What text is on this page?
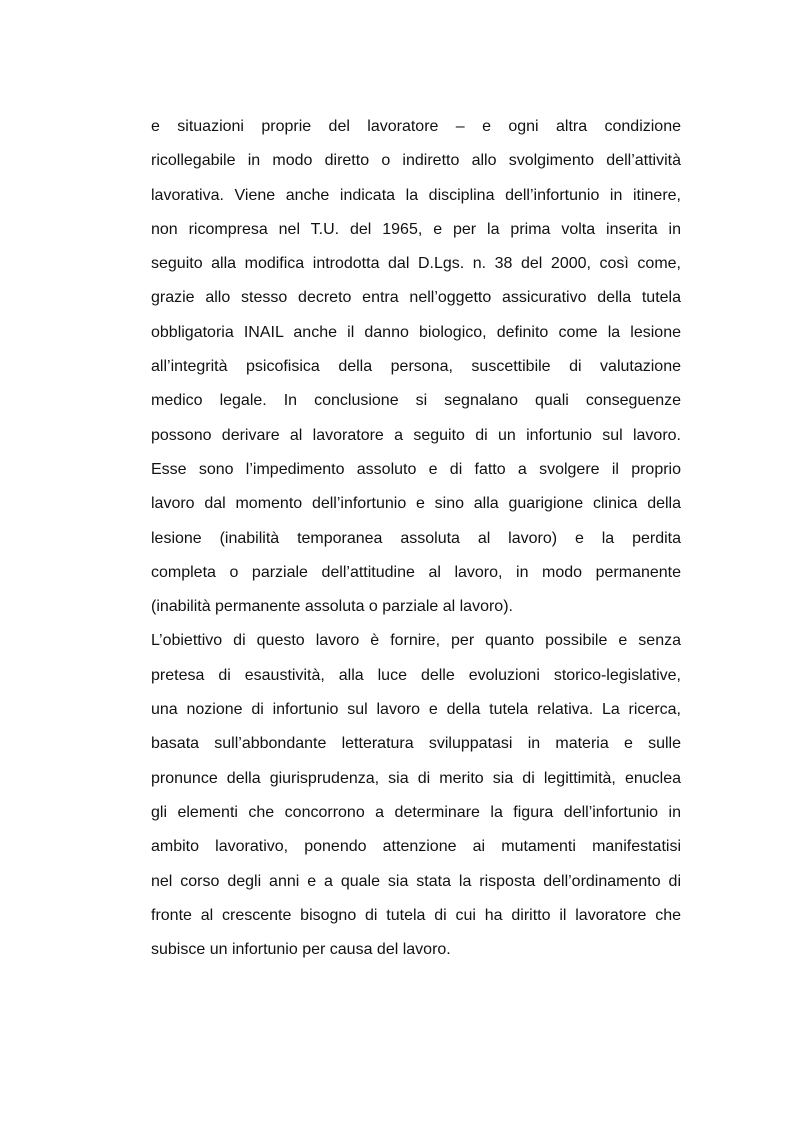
e situazioni proprie del lavoratore – e ogni altra condizione
ricollegabile in modo diretto o indiretto allo svolgimento dell’attività
lavorativa. Viene anche indicata la disciplina dell’infortunio in itinere,
non ricompresa nel T.U. del 1965, e per la prima volta inserita in
seguito alla modifica introdotta dal D.Lgs. n. 38 del 2000, così come,
grazie allo stesso decreto entra nell’oggetto assicurativo della tutela
obbligatoria INAIL anche il danno biologico, definito come la lesione
all’integrità psicofisica della persona, suscettibile di valutazione
medico legale. In conclusione si segnalano quali conseguenze
possono derivare al lavoratore a seguito di un infortunio sul lavoro.
Esse sono l’impedimento assoluto e di fatto a svolgere il proprio
lavoro dal momento dell’infortunio e sino alla guarigione clinica della
lesione (inabilità temporanea assoluta al lavoro) e la perdita
completa o parziale dell’attitudine al lavoro, in modo permanente
(inabilità permanente assoluta o parziale al lavoro).
L’obiettivo di questo lavoro è fornire, per quanto possibile e senza
pretesa di esaustività, alla luce delle evoluzioni storico-legislative,
una nozione di infortunio sul lavoro e della tutela relativa. La ricerca,
basata sull’abbondante letteratura sviluppatasi in materia e sulle
pronunce della giurisprudenza, sia di merito sia di legittimità, enuclea
gli elementi che concorrono a determinare la figura dell’infortunio in
ambito lavorativo, ponendo attenzione ai mutamenti manifestatisi
nel corso degli anni e a quale sia stata la risposta dell’ordinamento di
fronte al crescente bisogno di tutela di cui ha diritto il lavoratore che
subisce un infortunio per causa del lavoro.
